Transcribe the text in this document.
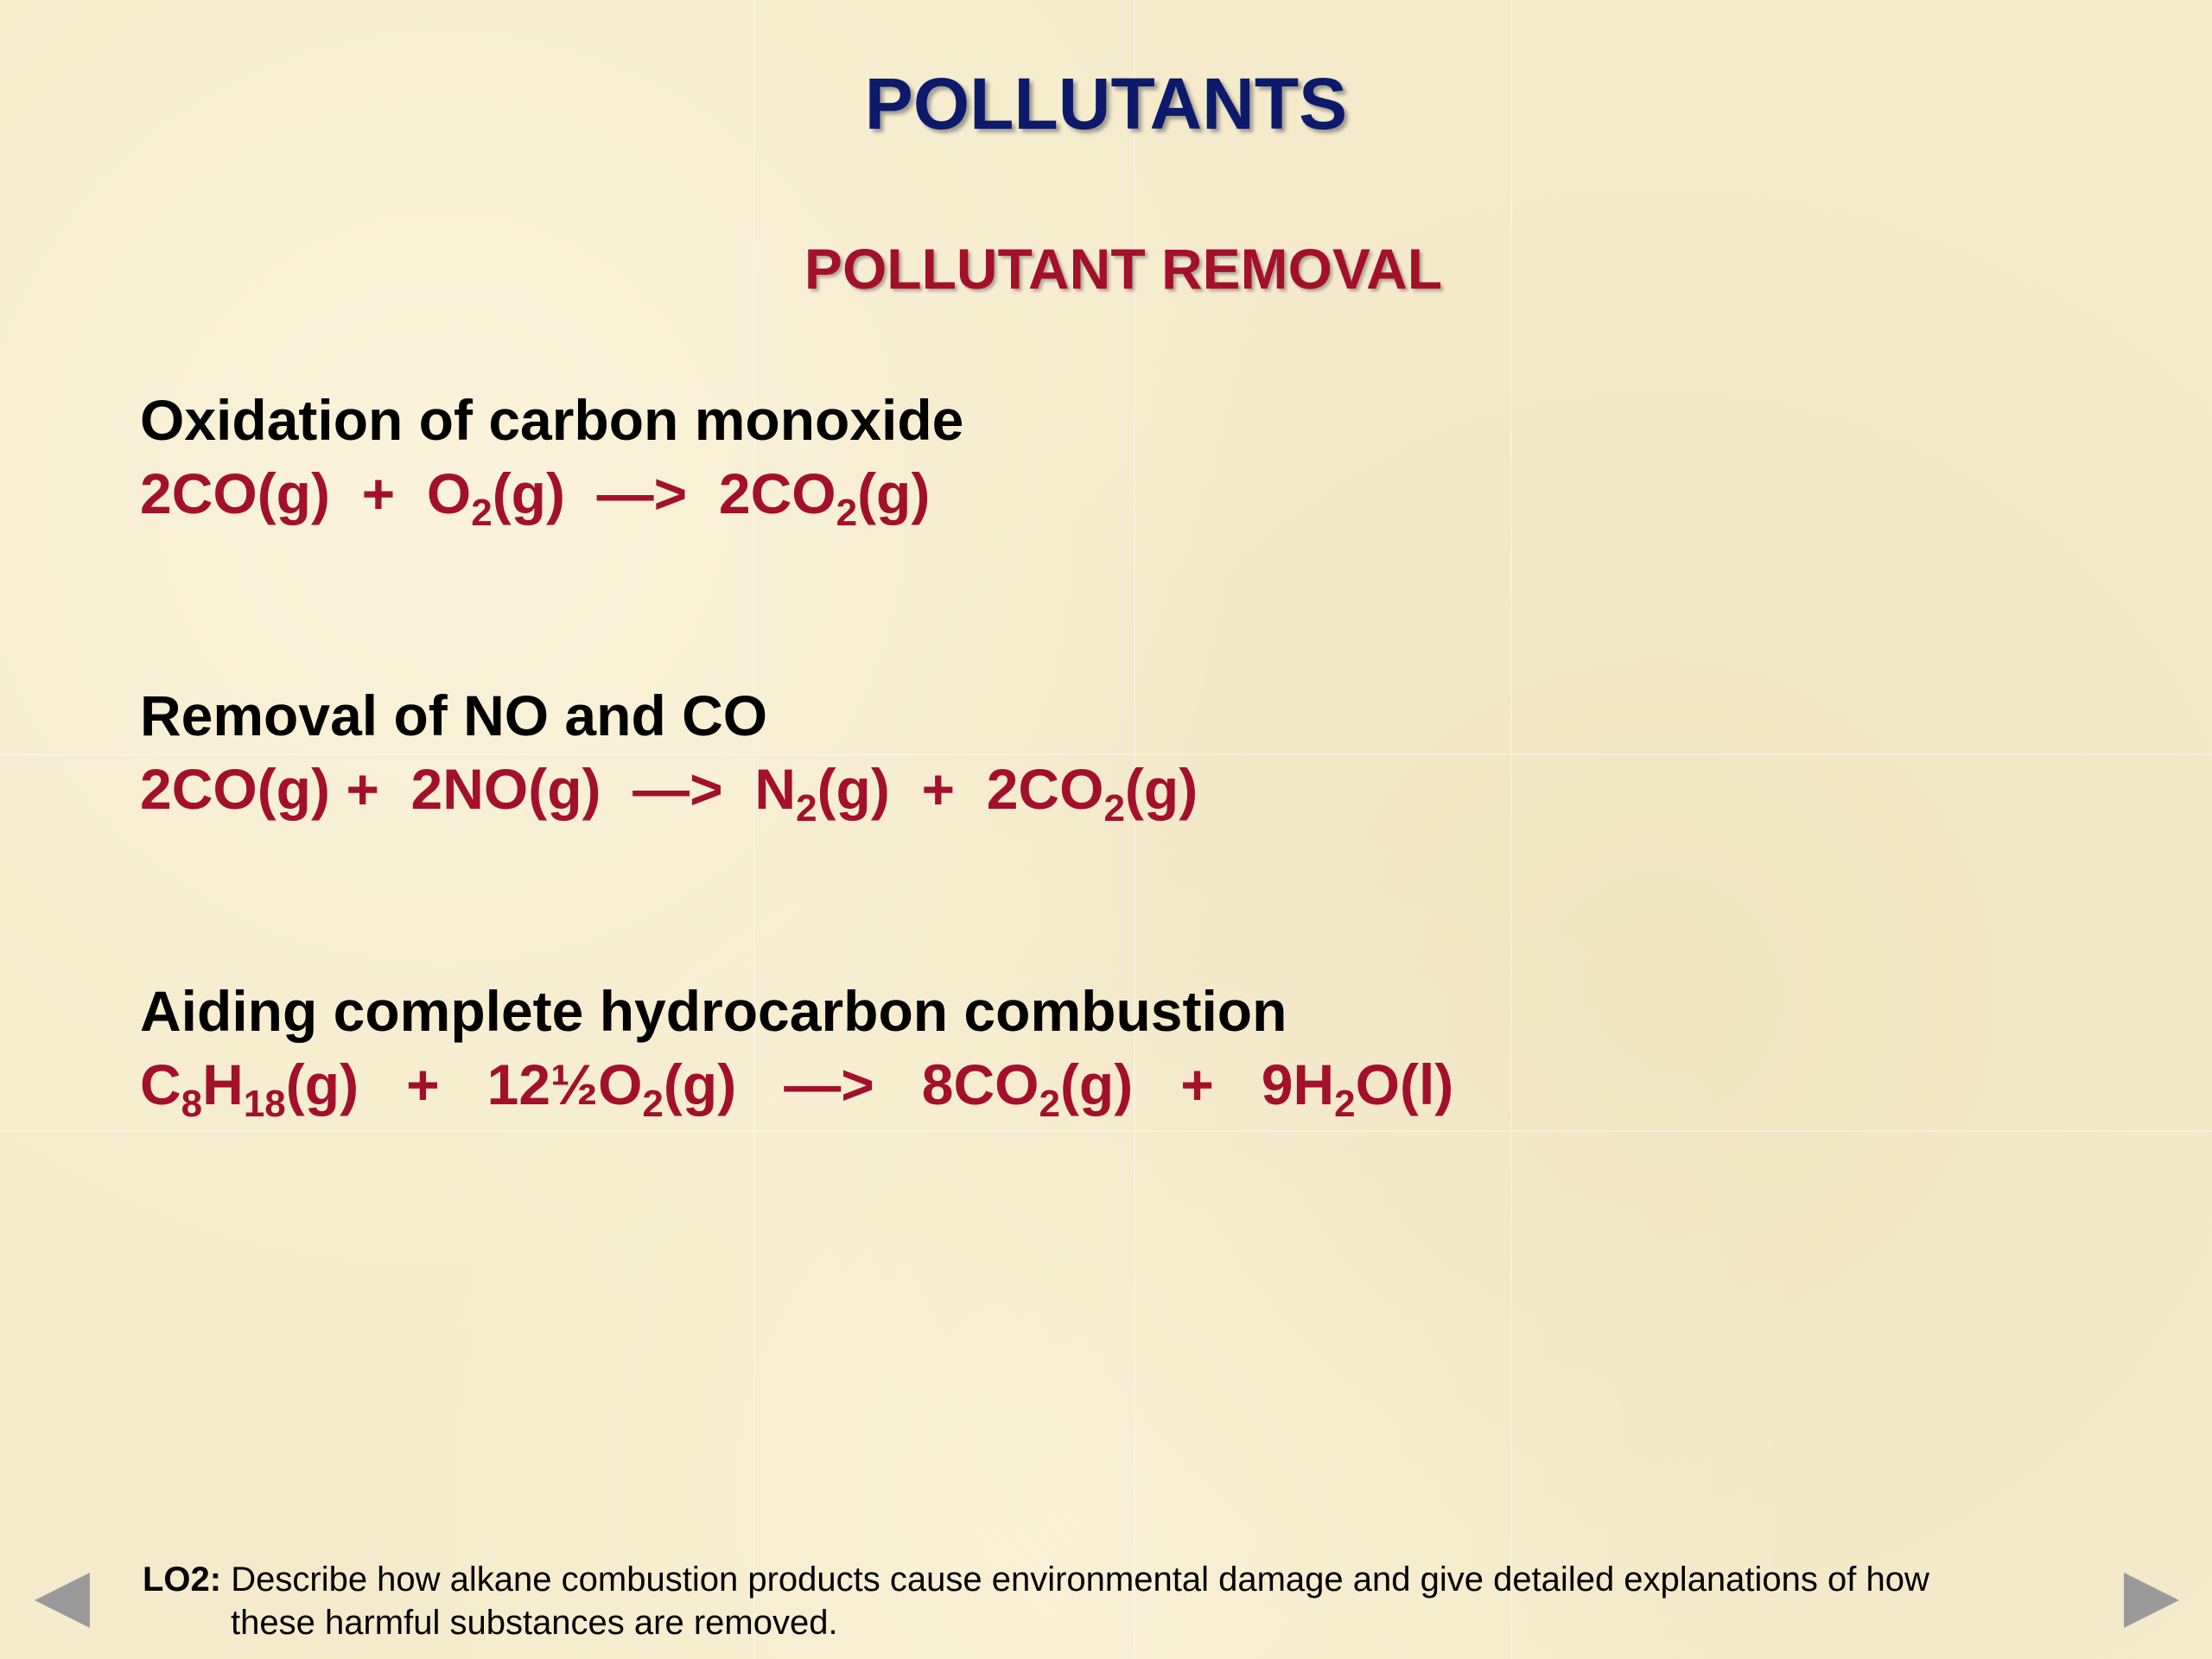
POLLUTANTS
POLLUTANT REMOVAL

Oxidation of carbon monoxide

$2CO(g) + O_2(g)$  —>  $2CO_2(g)$

Removal of NO and CO

2CO(g) +  2NO(g)  —>  $N_2(g) + 2CO_2(g)$

Aiding complete hydrocarbon combustion

$C_8H_{18}(g)$   +   $12\frac{1}{2}O_2(g)$   —>   $8CO_2(g) + 9H_2O(l)$

LO2: Describe how alkane combustion products cause environmental damage and give detailed explanations of how
these harmful substances are removed.
